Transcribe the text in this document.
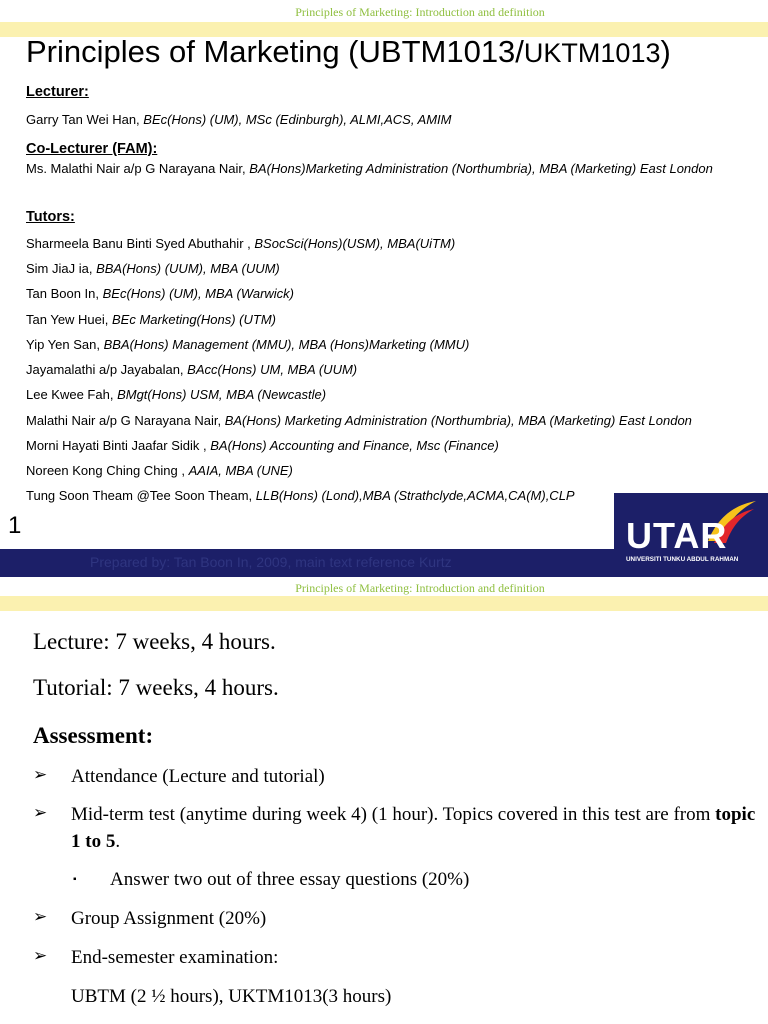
Principles of Marketing: Introduction and definition
Principles of Marketing (UBTM1013/UKTM1013)
Lecturer:
Garry Tan Wei Han, BEc(Hons) (UM), MSc (Edinburgh), ALMI,ACS, AMIM
Co-Lecturer (FAM):
Ms. Malathi Nair a/p G Narayana Nair, BA(Hons)Marketing Administration (Northumbria), MBA (Marketing) East London
Tutors:
Sharmeela Banu Binti Syed Abuthahir , BSocSci(Hons)(USM), MBA(UiTM)
Sim JiaJ ia, BBA(Hons) (UUM), MBA (UUM)
Tan Boon In, BEc(Hons) (UM), MBA (Warwick)
Tan Yew Huei, BEc Marketing(Hons) (UTM)
Yip Yen San, BBA(Hons) Management (MMU), MBA (Hons)Marketing (MMU)
Jayamalathi a/p Jayabalan, BAcc(Hons) UM, MBA (UUM)
Lee Kwee Fah, BMgt(Hons) USM, MBA (Newcastle)
Malathi Nair a/p G Narayana Nair, BA(Hons) Marketing Administration (Northumbria), MBA (Marketing) East London
Morni Hayati Binti Jaafar Sidik , BA(Hons) Accounting and Finance, Msc (Finance)
Noreen Kong Ching Ching , AAIA, MBA (UNE)
Tung Soon Theam @Tee Soon Theam, LLB(Hons) (Lond),MBA (Strathclyde,ACMA,CA(M),CLP
1
Prepared by: Tan Boon In, 2009, main text reference Kurtz
UTAR
UNIVERSITI TUNKU ABDUL RAHMAN
Principles of Marketing: Introduction and definition
Lecture: 7 weeks, 4 hours.
Tutorial: 7 weeks, 4 hours.
Assessment:
➢ Attendance (Lecture and tutorial)
➢ Mid-term test (anytime during week 4) (1 hour). Topics covered in this test are from topic 1 to 5.
▪ Answer two out of three essay questions (20%)
➢ Group Assignment (20%)
➢ End-semester examination:
UBTM (2 ½ hours), UKTM1013(3 hours)
